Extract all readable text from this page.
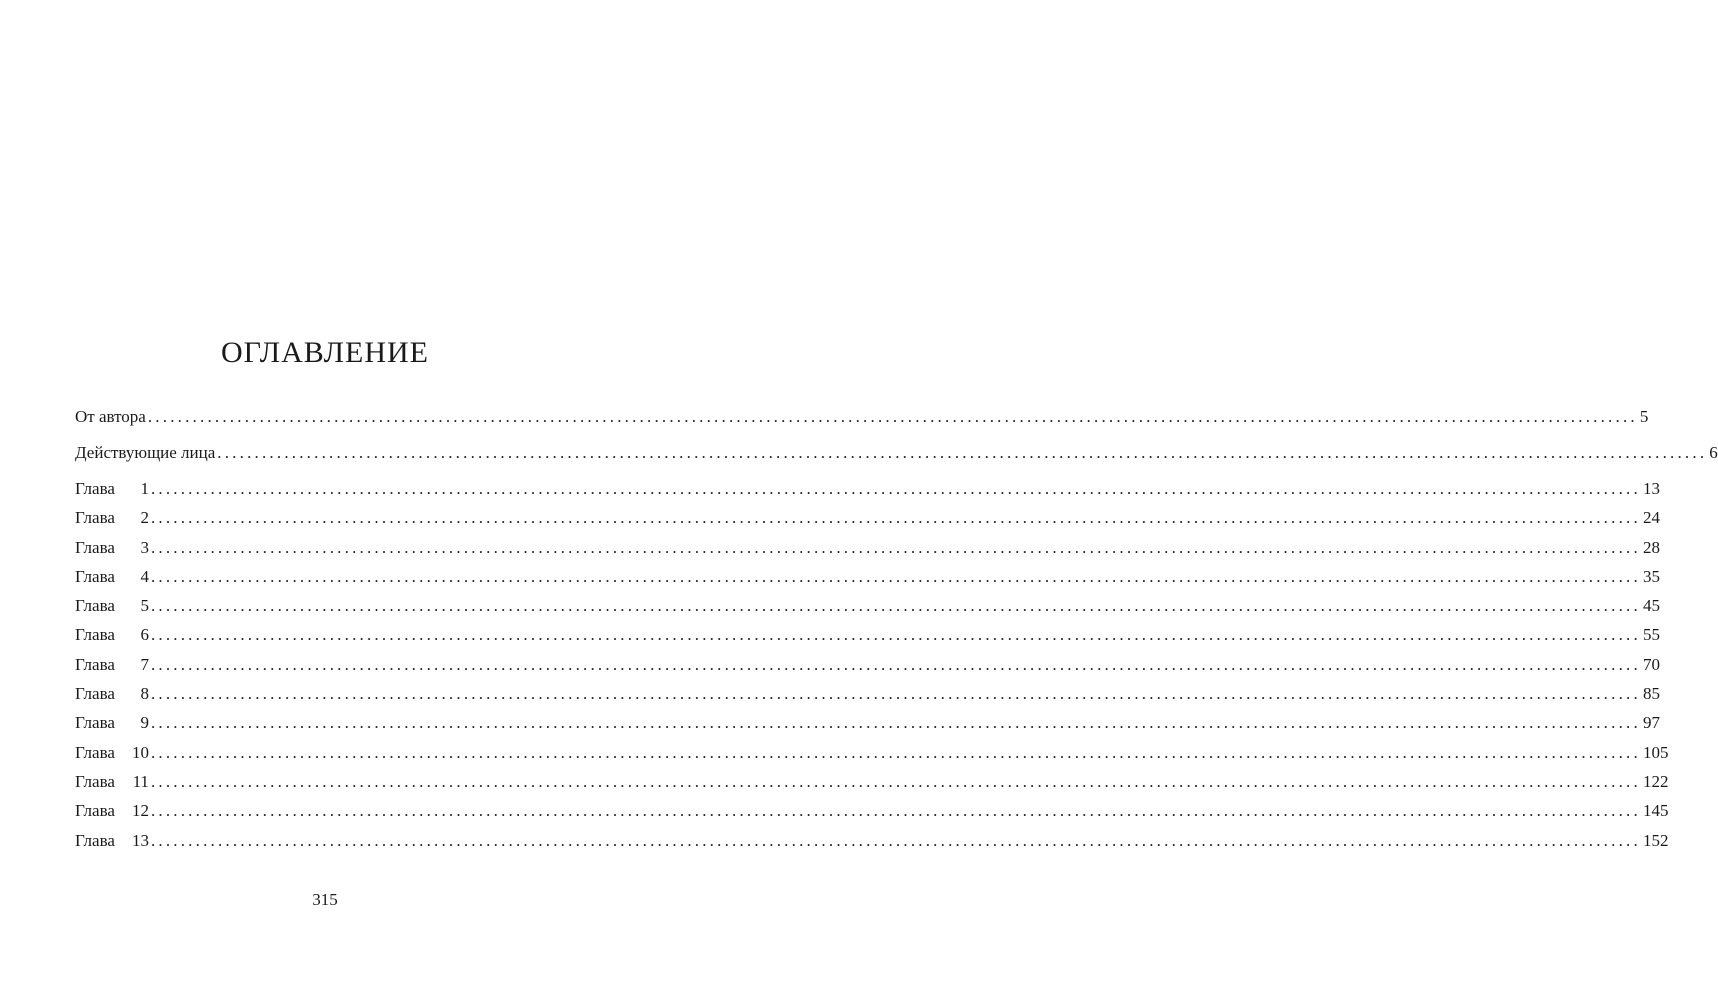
ОГЛАВЛЕНИЕ
От автора ........................................................................................................................................................................................................ 5
Действующие лица ........................................................................................................................................................................................................ 6
Глава 1 ........................................................................................................................................................................................................ 13
Глава 2 ........................................................................................................................................................................................................ 24
Глава 3 ........................................................................................................................................................................................................ 28
Глава 4 ........................................................................................................................................................................................................ 35
Глава 5 ........................................................................................................................................................................................................ 45
Глава 6 ........................................................................................................................................................................................................ 55
Глава 7 ........................................................................................................................................................................................................ 70
Глава 8 ........................................................................................................................................................................................................ 85
Глава 9 ........................................................................................................................................................................................................ 97
Глава 10 ........................................................................................................................................................................................................ 105
Глава 11 ........................................................................................................................................................................................................ 122
Глава 12 ........................................................................................................................................................................................................ 145
Глава 13 ........................................................................................................................................................................................................ 152
315
